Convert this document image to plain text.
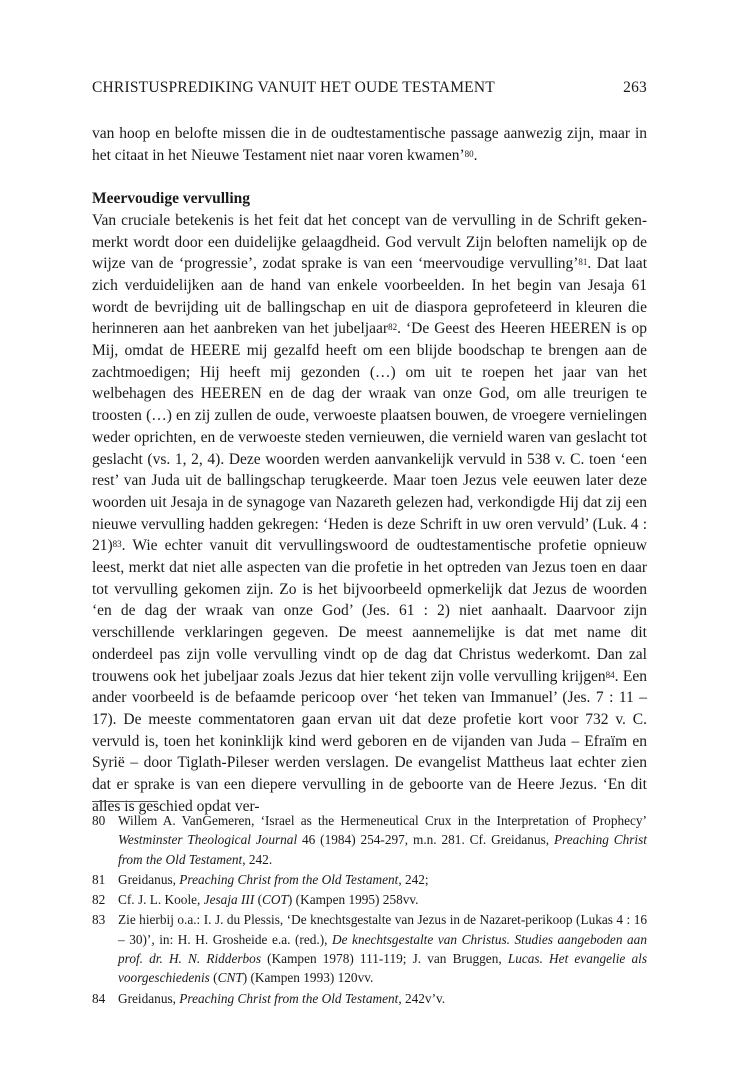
CHRISTUSPREDIKING VANUIT HET OUDE TESTAMENT	263

van hoop en belofte missen die in de oudtestamentische passage aanwezig zijn, maar in het citaat in het Nieuwe Testament niet naar voren kwamen’$^{80}$.

Meervoudige vervulling

Van cruciale betekenis is het feit dat het concept van de vervulling in de Schrift gekenmerkt wordt door een duidelijke gelaagdheid. God vervult Zijn beloften namelijk op de wijze van de ‘progressie’, zodat sprake is van een ‘meervoudige vervulling’$^{81}$. Dat laat zich verduidelijken aan de hand van enkele voorbeelden. In het begin van Jesaja 61 wordt de bevrijding uit de ballingschap en uit de diaspora geprofeteerd in kleuren die herinneren aan het aanbreken van het jubeljaar$^{82}$. ‘De Geest des Heeren HEEREN is op Mij, omdat de HEERE mij gezalfd heeft om een blijde boodschap te brengen aan de zachtmoedigen; Hij heeft mij gezonden (…) om uit te roepen het jaar van het welbehagen des HEEREN en de dag der wraak van onze God, om alle treurigen te troosten (…) en zij zullen de oude, verwoeste plaatsen bouwen, de vroegere vernielingen weder oprichten, en de verwoeste steden vernieuwen, die vernield waren van geslacht tot geslacht (vs. 1, 2, 4). Deze woorden werden aanvankelijk vervuld in 538 v. C. toen ‘een rest’ van Juda uit de ballingschap terugkeerde. Maar toen Jezus vele eeuwen later deze woorden uit Jesaja in de synagoge van Nazareth gelezen had, verkondigde Hij dat zij een nieuwe vervulling hadden gekregen: ‘Heden is deze Schrift in uw oren vervuld’ (Luk. 4 : 21)$^{83}$. Wie echter vanuit dit vervullingswoord de oudtestamentische profetie opnieuw leest, merkt dat niet alle aspecten van die profetie in het optreden van Jezus toen en daar tot vervulling gekomen zijn. Zo is het bijvoorbeeld opmerkelijk dat Jezus de woorden ‘en de dag der wraak van onze God’ (Jes. 61 : 2) niet aanhaalt. Daarvoor zijn verschillende verklaringen gegeven. De meest aannemelijke is dat met name dit onderdeel pas zijn volle vervulling vindt op de dag dat Christus wederkomt. Dan zal trouwens ook het jubeljaar zoals Jezus dat hier tekent zijn volle vervulling krijgen$^{84}$. Een ander voorbeeld is de befaamde pericoop over ‘het teken van Immanuel’ (Jes. 7 : 11 – 17). De meeste commentatoren gaan ervan uit dat deze profetie kort voor 732 v. C. vervuld is, toen het koninklijk kind werd geboren en de vijanden van Juda – Efraïm en Syrië – door Tiglath-Pileser werden verslagen. De evangelist Mattheus laat echter zien dat er sprake is van een diepere vervulling in de geboorte van de Heere Jezus. ‘En dit alles is geschied opdat ver-

80 Willem A. VanGemeren, ‘Israel as the Hermeneutical Crux in the Interpretation of Prophecy’ Westminster Theological Journal 46 (1984) 254-297, m.n. 281. Cf. Greidanus, Preaching Christ from the Old Testament, 242.
81 Greidanus, Preaching Christ from the Old Testament, 242;
82 Cf. J. L. Koole, Jesaja III (COT) (Kampen 1995) 258vv.
83 Zie hierbij o.a.: I. J. du Plessis, ‘De knechtsgestalte van Jezus in de Nazaret-perikoop (Lukas 4 : 16 – 30)’, in: H. H. Grosheide e.a. (red.), De knechtsgestalte van Christus. Studies aangeboden aan prof. dr. H. N. Ridderbos (Kampen 1978) 111-119; J. van Bruggen, Lucas. Het evangelie als voorgeschiedenis (CNT) (Kampen 1993) 120vv.
84 Greidanus, Preaching Christ from the Old Testament, 242v’v.
